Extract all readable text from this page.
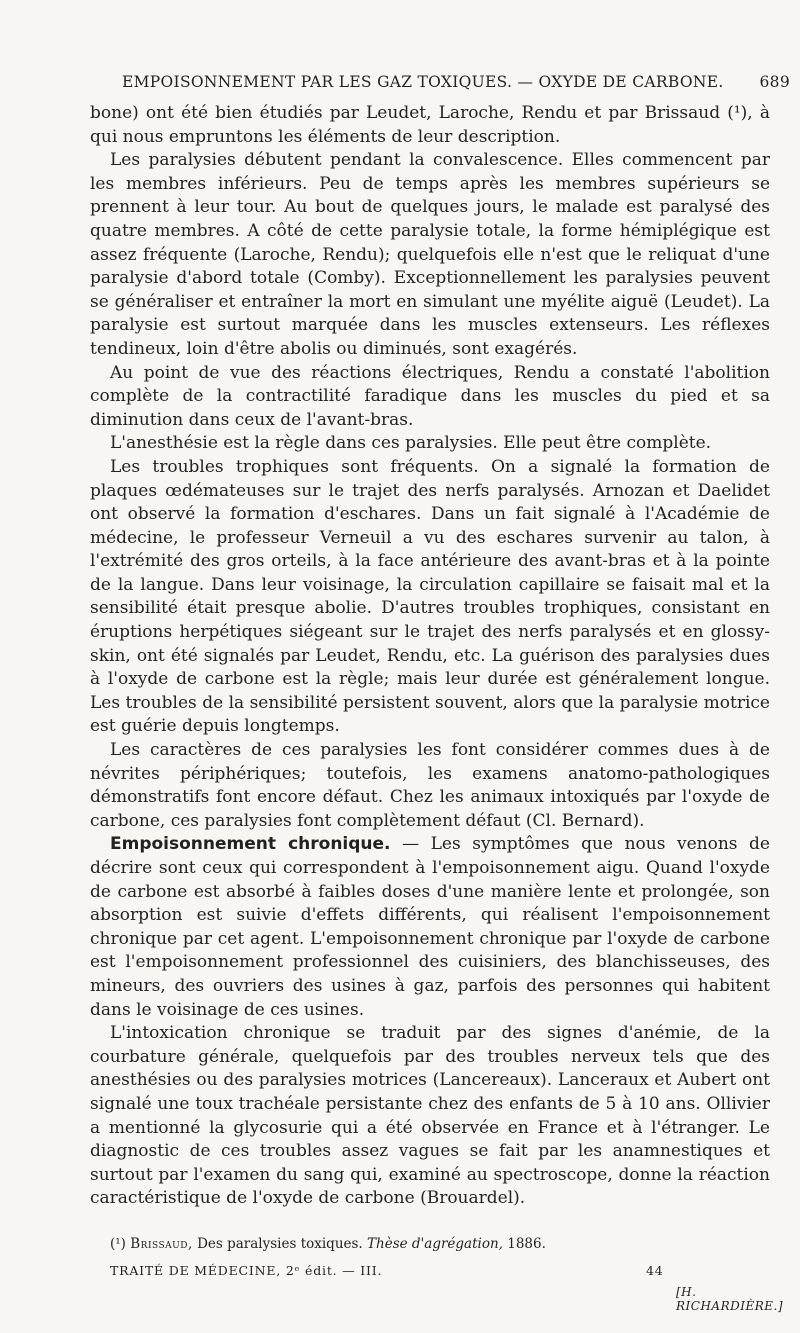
EMPOISONNEMENT PAR LES GAZ TOXIQUES. — OXYDE DE CARBONE. 689

bone) ont été bien étudiés par Leudet, Laroche, Rendu et par Brissaud (¹), à qui nous empruntons les éléments de leur description.

Les paralysies débutent pendant la convalescence. Elles commencent par les membres inférieurs. Peu de temps après les membres supérieurs se prennent à leur tour. Au bout de quelques jours, le malade est paralysé des quatre membres. A côté de cette paralysie totale, la forme hémiplégique est assez fréquente (Laroche, Rendu); quelquefois elle n'est que le reliquat d'une paralysie d'abord totale (Comby). Exceptionnellement les paralysies peuvent se généraliser et entraîner la mort en simulant une myélite aiguë (Leudet). La paralysie est surtout marquée dans les muscles extenseurs. Les réflexes tendineux, loin d'être abolis ou diminués, sont exagérés.

Au point de vue des réactions électriques, Rendu a constaté l'abolition complète de la contractilité faradique dans les muscles du pied et sa diminution dans ceux de l'avant-bras.

L'anesthésie est la règle dans ces paralysies. Elle peut être complète.

Les troubles trophiques sont fréquents. On a signalé la formation de plaques œdémateuses sur le trajet des nerfs paralysés. Arnozan et Daelidet ont observé la formation d'eschares. Dans un fait signalé à l'Académie de médecine, le professeur Verneuil a vu des eschares survenir au talon, à l'extrémité des gros orteils, à la face antérieure des avant-bras et à la pointe de la langue. Dans leur voisinage, la circulation capillaire se faisait mal et la sensibilité était presque abolie. D'autres troubles trophiques, consistant en éruptions herpétiques siégeant sur le trajet des nerfs paralysés et en glossy-skin, ont été signalés par Leudet, Rendu, etc. La guérison des paralysies dues à l'oxyde de carbone est la règle; mais leur durée est généralement longue. Les troubles de la sensibilité persistent souvent, alors que la paralysie motrice est guérie depuis longtemps.

Les caractères de ces paralysies les font considérer commes dues à de névrites périphériques; toutefois, les examens anatomo-pathologiques démonstratifs font encore défaut. Chez les animaux intoxiqués par l'oxyde de carbone, ces paralysies font complètement défaut (Cl. Bernard).

Empoisonnement chronique. — Les symptômes que nous venons de décrire sont ceux qui correspondent à l'empoisonnement aigu. Quand l'oxyde de carbone est absorbé à faibles doses d'une manière lente et prolongée, son absorption est suivie d'effets différents, qui réalisent l'empoisonnement chronique par cet agent. L'empoisonnement chronique par l'oxyde de carbone est l'empoisonnement professionnel des cuisiniers, des blanchisseuses, des mineurs, des ouvriers des usines à gaz, parfois des personnes qui habitent dans le voisinage de ces usines.

L'intoxication chronique se traduit par des signes d'anémie, de la courbature générale, quelquefois par des troubles nerveux tels que des anesthésies ou des paralysies motrices (Lancereaux). Lanceraux et Aubert ont signalé une toux trachéale persistante chez des enfants de 5 à 10 ans. Ollivier a mentionné la glycosurie qui a été observée en France et à l'étranger. Le diagnostic de ces troubles assez vagues se fait par les anamnestiques et surtout par l'examen du sang qui, examiné au spectroscope, donne la réaction caractéristique de l'oxyde de carbone (Brouardel).

(¹) Brissaud, Des paralysies toxiques. Thèse d'agrégation, 1886.
TRAITÉ DE MÉDECINE, 2ᵉ édit. — III.	44
[H. RICHARDIÈRE.]
